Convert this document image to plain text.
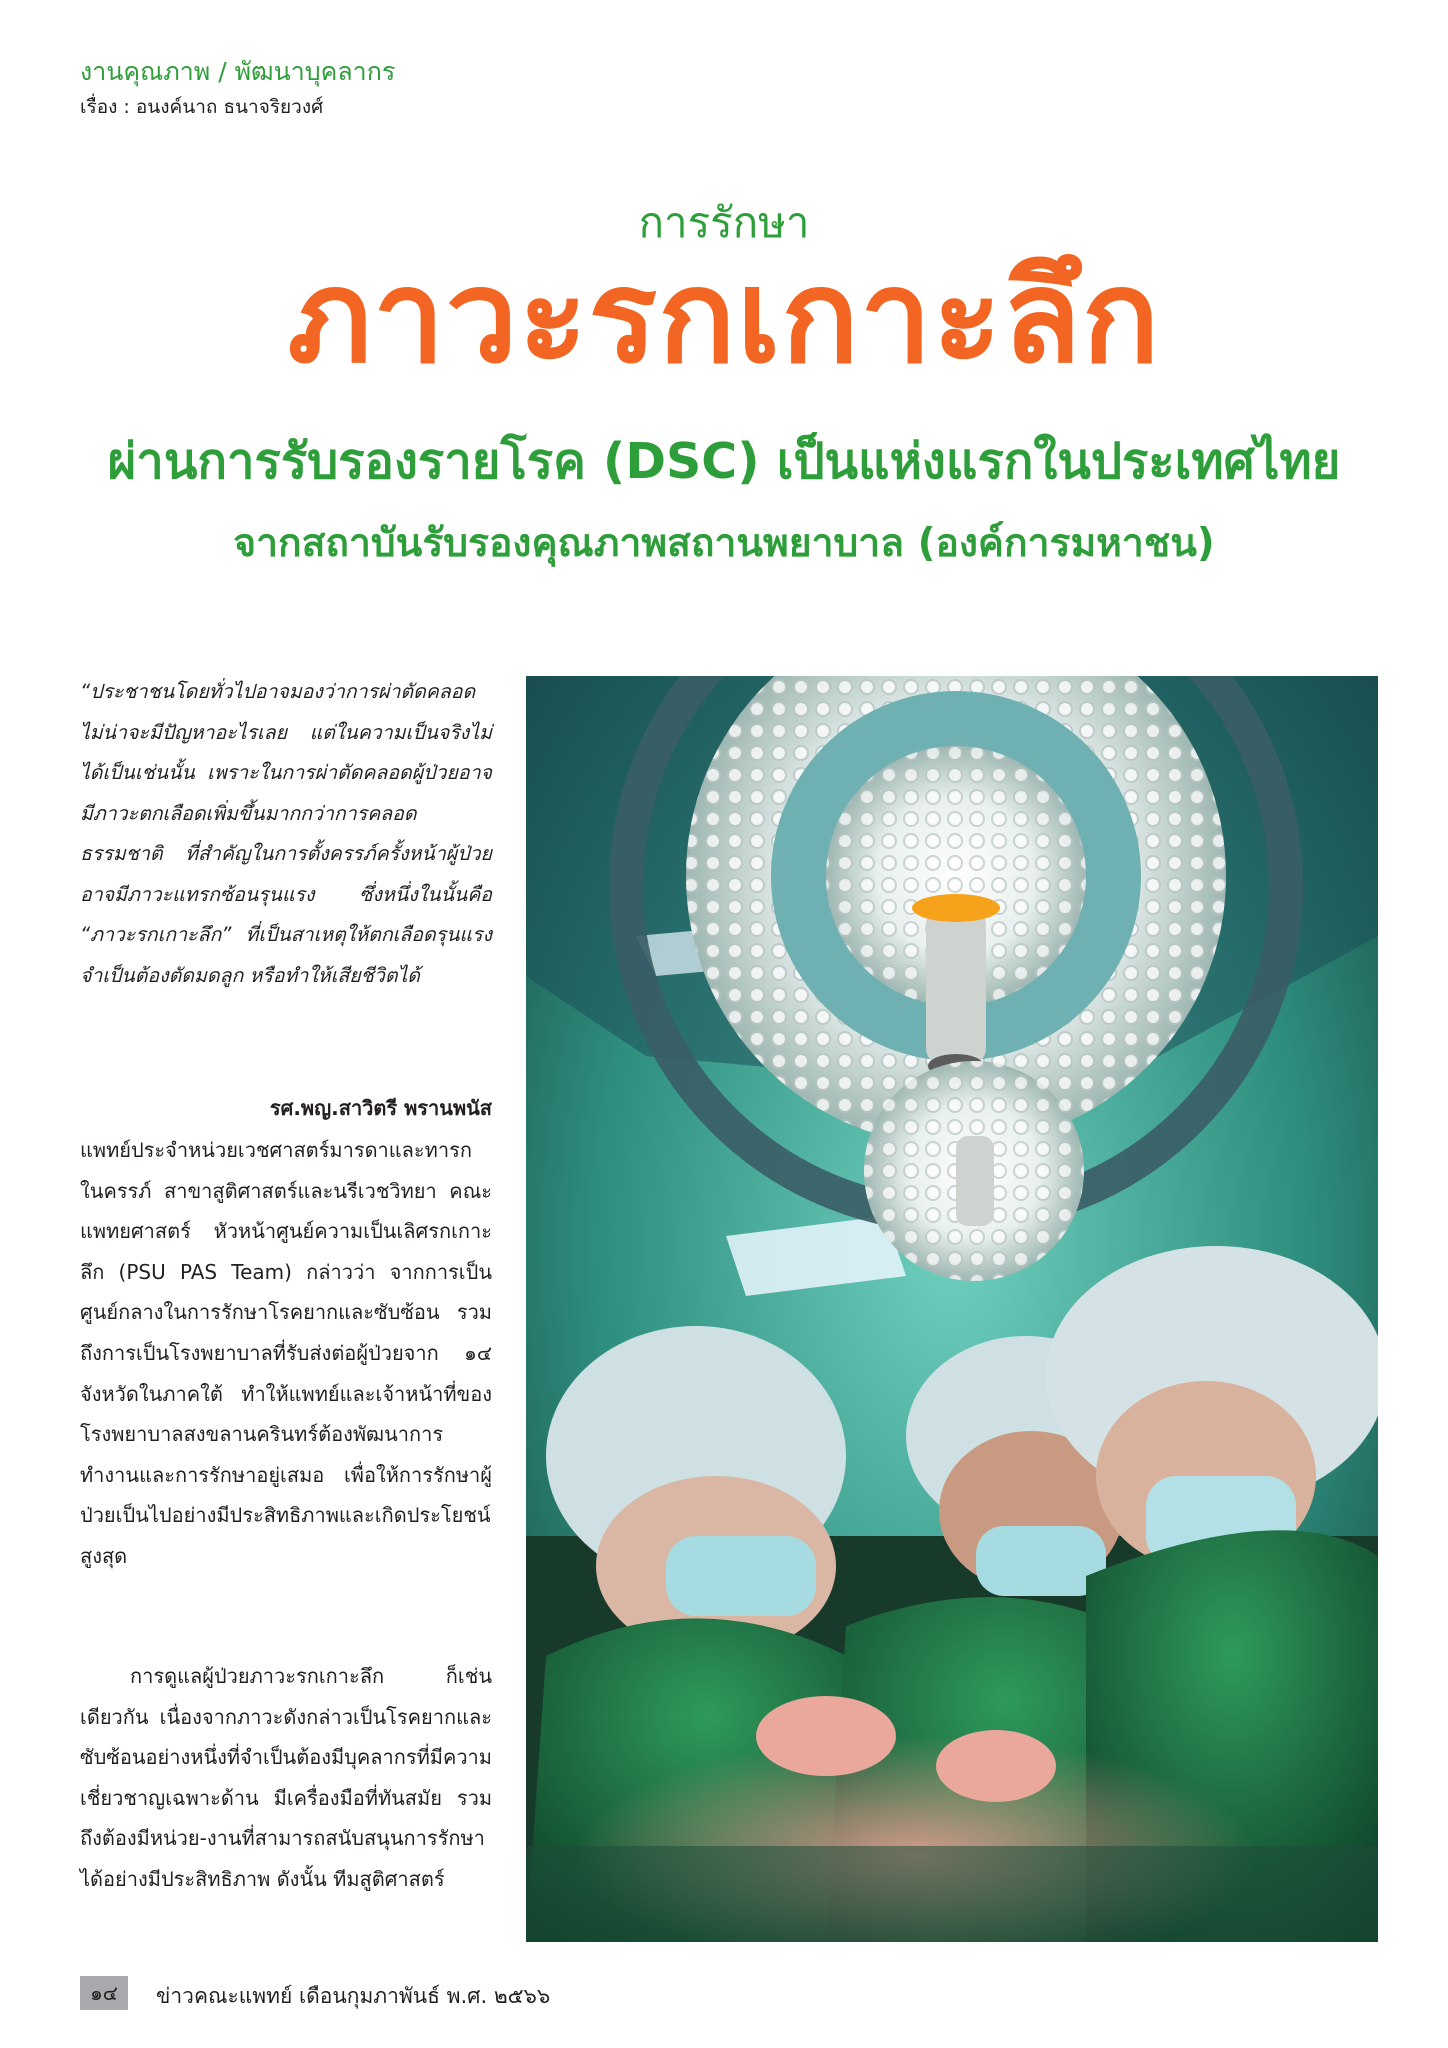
งานคุณภาพ / พัฒนาบุคลากร
เรื่อง : อนงค์นาถ ธนาจริยวงศ์
การรักษา
ภาวะรกเกาะลึก
ผ่านการรับรองรายโรค (DSC) เป็นแห่งแรกในประเทศไทย
จากสถาบันรับรองคุณภาพสถานพยาบาล (องค์การมหาชน)
“ประชาชนโดยทั่วไปอาจมองว่าการผ่าตัดคลอดไม่น่าจะมีปัญหาอะไรเลย แต่ในความเป็นจริงไม่ได้เป็นเช่นนั้น เพราะในการผ่าตัดคลอดผู้ป่วยอาจมีภาวะตกเลือดเพิ่มขึ้นมากกว่าการคลอดธรรมชาติ ที่สำคัญในการตั้งครรภ์ครั้งหน้าผู้ป่วยอาจมีภาวะแทรกซ้อนรุนแรง ซึ่งหนึ่งในนั้นคือ “ภาวะรกเกาะลึก” ที่เป็นสาเหตุให้ตกเลือดรุนแรง จำเป็นต้องตัดมดลูก หรือทำให้เสียชีวิตได้
รศ.พญ.สาวิตรี พรานพนัส
แพทย์ประจำหน่วยเวชศาสตร์มารดาและทารกในครรภ์ สาขาสูติศาสตร์และนรีเวชวิทยา คณะแพทยศาสตร์ หัวหน้าศูนย์ความเป็นเลิศรกเกาะลึก (PSU PAS Team) กล่าวว่า จากการเป็นศูนย์กลางในการรักษาโรคยากและซับซ้อน รวมถึงการเป็นโรงพยาบาลที่รับส่งต่อผู้ป่วยจาก ๑๔ จังหวัดในภาคใต้ ทำให้แพทย์และเจ้าหน้าที่ของโรงพยาบาลสงขลานครินทร์ต้องพัฒนาการทำงานและการรักษาอยู่เสมอ เพื่อให้การรักษาผู้ป่วยเป็นไปอย่างมีประสิทธิภาพและเกิดประโยชน์สูงสุด
การดูแลผู้ป่วยภาวะรกเกาะลึก ก็เช่นเดียวกัน เนื่องจากภาวะดังกล่าวเป็นโรคยากและซับซ้อนอย่างหนึ่งที่จำเป็นต้องมีบุคลากรที่มีความเชี่ยวชาญเฉพาะด้าน มีเครื่องมือที่ทันสมัย รวมถึงต้องมีหน่วย-งานที่สามารถสนับสนุนการรักษาได้อย่างมีประสิทธิภาพ ดังนั้น ทีมสูติศาสตร์
๑๔	ข่าวคณะแพทย์ เดือนกุมภาพันธ์ พ.ศ. ๒๕๖๖
